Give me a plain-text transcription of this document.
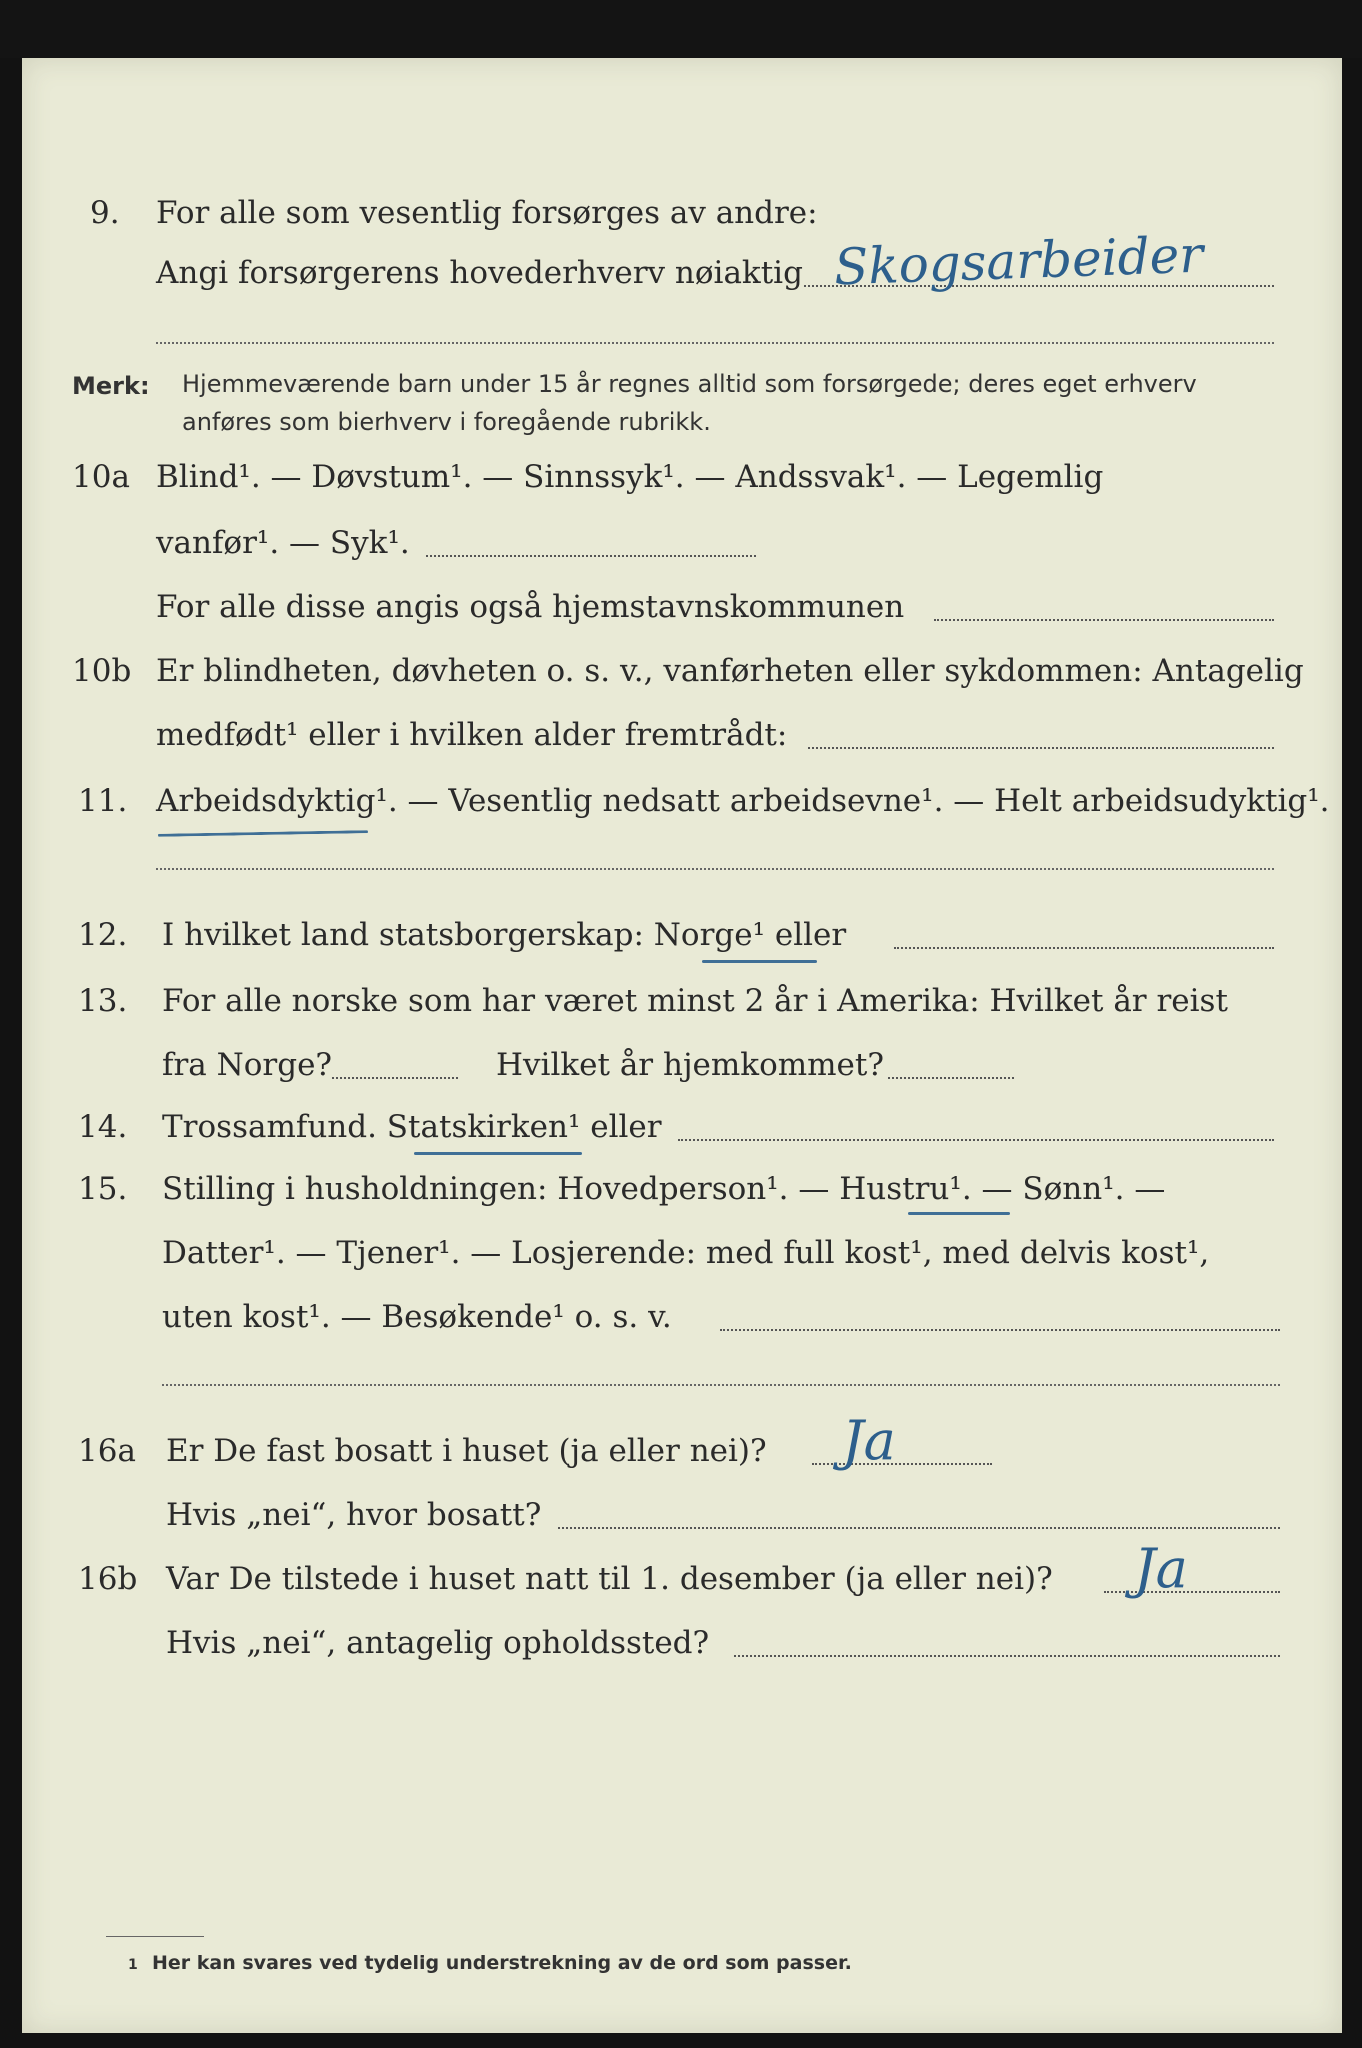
9. For alle som vesentlig forsørges av andre:
Angi forsørgerens hovederhverv nøiaktig Skogsarbeider
Merk: Hjemmeværende barn under 15 år regnes alltid som forsørgede; deres eget erhverv
anføres som bierhverv i foregående rubrikk.
10a Blind¹. — Døvstum¹. — Sinnssyk¹. — Andssvak¹. — Legemlig
vanfør¹. — Syk¹.
For alle disse angis også hjemstavnskommunen
10b Er blindheten, døvheten o. s. v., vanførheten eller sykdommen: Antagelig
medfødt¹ eller i hvilken alder fremtrådt:
11. Arbeidsdyktig¹. — Vesentlig nedsatt arbeidsevne¹. — Helt arbeidsudyktig¹.
12. I hvilket land statsborgerskap: Norge¹ eller
13. For alle norske som har været minst 2 år i Amerika: Hvilket år reist
fra Norge?	Hvilket år hjemkommet?
14. Trossamfund. Statskirken¹ eller
15. Stilling i husholdningen: Hovedperson¹. — Hustru¹. — Sønn¹. —
Datter¹. — Tjener¹. — Losjerende: med full kost¹, med delvis kost¹,
uten kost¹. — Besøkende¹ o. s. v.
16a Er De fast bosatt i huset (ja eller nei)? Ja
Hvis „nei“, hvor bosatt?
16b Var De tilstede i huset natt til 1. desember (ja eller nei)? Ja
Hvis „nei“, antagelig opholdssted?
1 Her kan svares ved tydelig understrekning av de ord som passer.
